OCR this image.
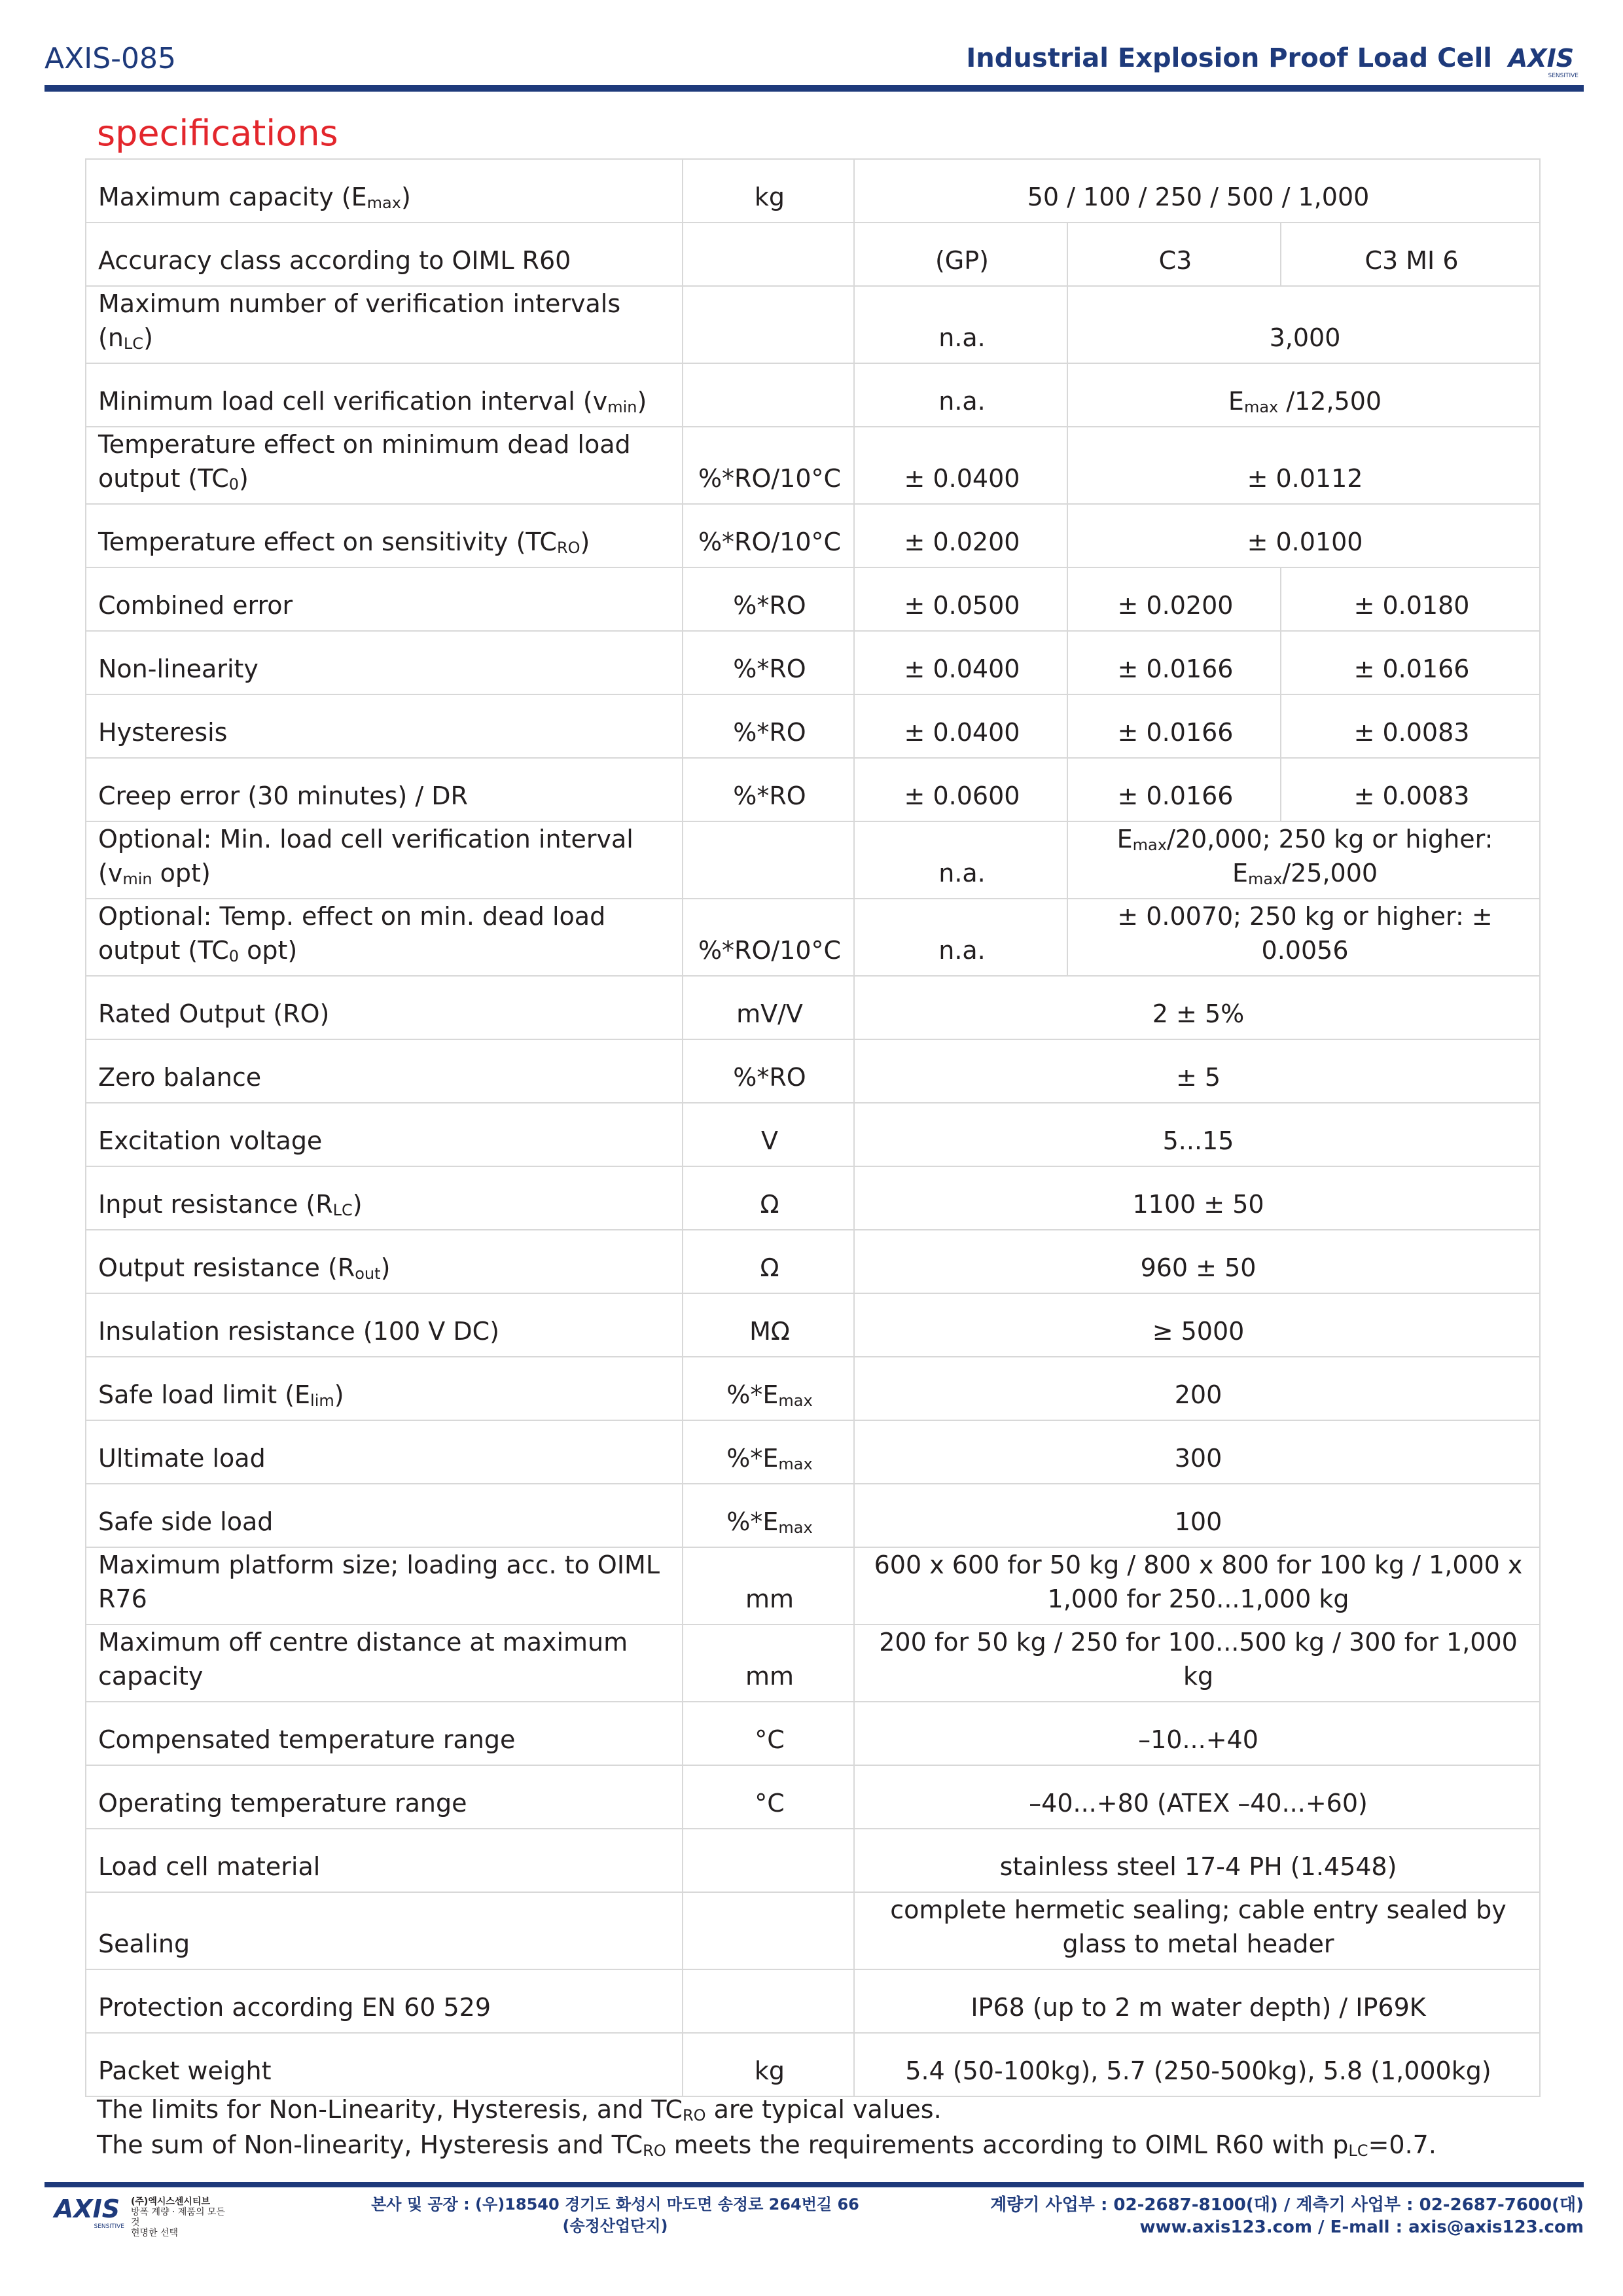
AXIS-085	Industrial Explosion Proof Load Cell AXIS
SENSITIVE
specifications
Maximum capacity $(E_{max})$	kg	50 / 100 / 250 / 500 / 1,000		
Accuracy class according to OIML R60		(GP)	C3	C3 MI 6
Maximum number of verification intervals $(n_{LC})$		n.a.	3,000	
Minimum load cell verification interval $(v_{min})$		n.a.	$E_{max}$ /12,500	
Temperature effect on minimum dead load output $(TC_0)$	%*RO/10°C	± 0.0400	± 0.0112	
Temperature effect on sensitivity $(TC_{RO})$	%*RO/10°C	± 0.0200	± 0.0100	
Combined error	%*RO	± 0.0500	± 0.0200	± 0.0180
Non-linearity	%*RO	± 0.0400	± 0.0166	± 0.0166
Hysteresis	%*RO	± 0.0400	± 0.0166	± 0.0083
Creep error (30 minutes) / DR	%*RO	± 0.0600	± 0.0166	± 0.0083
Optional: Min. load cell verification interval ($v_{min}$ opt)		n.a.	$E_{max}/20,000$; 250 kg or higher: $E_{max}/25,000$	
Optional: Temp. effect on min. dead load output ($TC_0$ opt)	%*RO/10°C	n.a.	± 0.0070; 250 kg or higher: ± 0.0056	
Rated Output (RO)	mV/V	2 ± 5%		
Zero balance	%*RO	± 5		
Excitation voltage	V	5...15		
Input resistance $(R_{LC})$	Ω	1100 ± 50		
Output resistance $(R_{out})$	Ω	960 ± 50		
Insulation resistance (100 V DC)	MΩ	≥ 5000		
Safe load limit $(E_{lim})$	$\%*E_{max}$	200		
Ultimate load	$\%*E_{max}$	300		
Safe side load	$\%*E_{max}$	100		
Maximum platform size; loading acc. to OIML R76	mm	600 x 600 for 50 kg / 800 x 800 for 100 kg / 1,000 x 1,000 for 250...1,000 kg		
Maximum off centre distance at maximum capacity	mm	200 for 50 kg / 250 for 100...500 kg / 300 for 1,000 kg		
Compensated temperature range	°C	–10...+40		
Operating temperature range	°C	–40...+80 (ATEX –40...+60)		
Load cell material		stainless steel 17-4 PH (1.4548)		
Sealing		complete hermetic sealing; cable entry sealed by glass to metal header		
Protection according EN 60 529		IP68 (up to 2 m water depth) / IP69K		
Packet weight	kg	5.4 (50-100kg), 5.7 (250-500kg), 5.8 (1,000kg)		
The limits for Non-Linearity, Hysteresis, and $TC_{RO}$ are typical values.
The sum of Non-linearity, Hysteresis and $TC_{RO}$ meets the requirements according to OIML R60 with $p_{LC}=0.7$.
AXIS
SENSITIVE
(주)엑시스센시티브
방폭 계량 · 제품의 모든 것
현명한 선택
본사 및 공장 : (우)18540 경기도 화성시 마도면 송정로 264번길 66
(송정산업단지)
계량기 사업부 : 02-2687-8100(대) / 계측기 사업부 : 02-2687-7600(대)
www.axis123.com / E-mall : axis@axis123.com
